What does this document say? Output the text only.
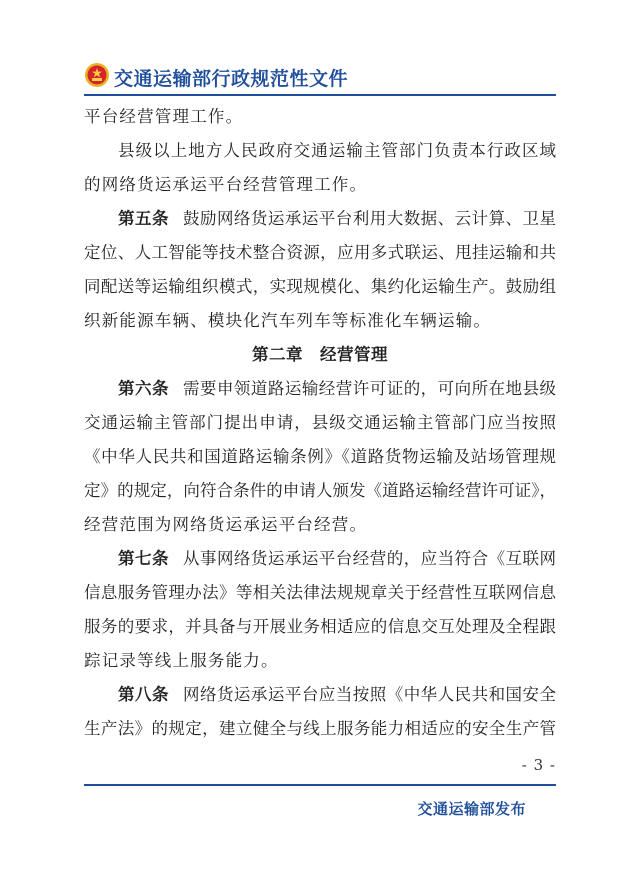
交通运输部行政规范性文件
平台经营管理工作。
县级以上地方人民政府交通运输主管部门负责本行政区域
的网络货运承运平台经营管理工作。
第五条 鼓励网络货运承运平台利用大数据、云计算、卫星
定位、人工智能等技术整合资源，应用多式联运、甩挂运输和共
同配送等运输组织模式，实现规模化、集约化运输生产。鼓励组
织新能源车辆、模块化汽车列车等标准化车辆运输。
第二章　经营管理
第六条 需要申领道路运输经营许可证的，可向所在地县级
交通运输主管部门提出申请，县级交通运输主管部门应当按照
《中华人民共和国道路运输条例》《道路货物运输及站场管理规
定》的规定，向符合条件的申请人颁发《道路运输经营许可证》，
经营范围为网络货运承运平台经营。
第七条 从事网络货运承运平台经营的，应当符合《互联网
信息服务管理办法》等相关法律法规规章关于经营性互联网信息
服务的要求，并具备与开展业务相适应的信息交互处理及全程跟
踪记录等线上服务能力。
第八条 网络货运承运平台应当按照《中华人民共和国安全
生产法》的规定，建立健全与线上服务能力相适应的安全生产管
- 3 -
交通运输部发布
